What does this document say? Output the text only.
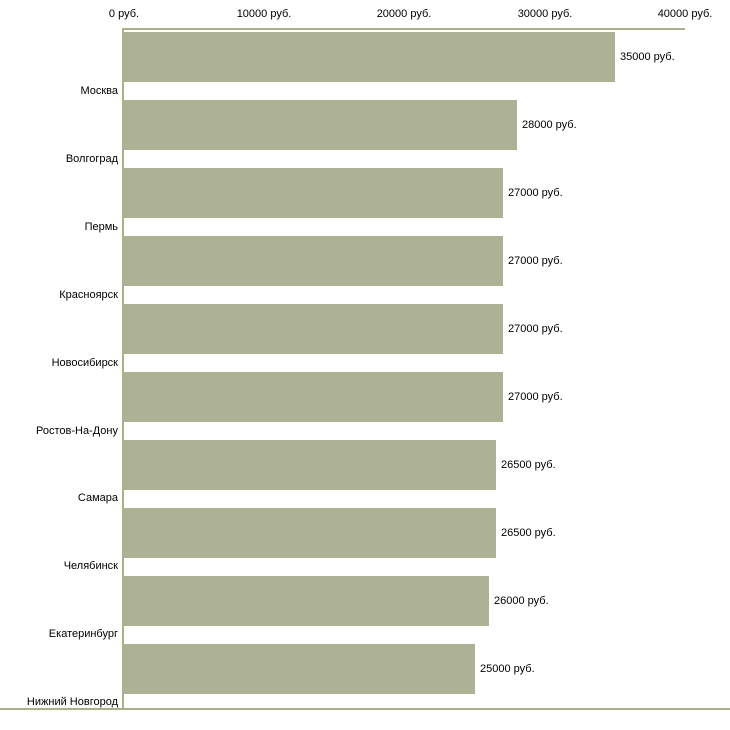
0 руб.	10000 руб.	20000 руб.	30000 руб.	40000 руб.
Москва
Волгоград
Пермь
Красноярск
Новосибирск
Ростов-На-Дону
Самара
Челябинск
Екатеринбург
Нижний Новгород
35000 руб.
28000 руб.
27000 руб.
27000 руб.
27000 руб.
27000 руб.
26500 руб.
26500 руб.
26000 руб.
25000 руб.
